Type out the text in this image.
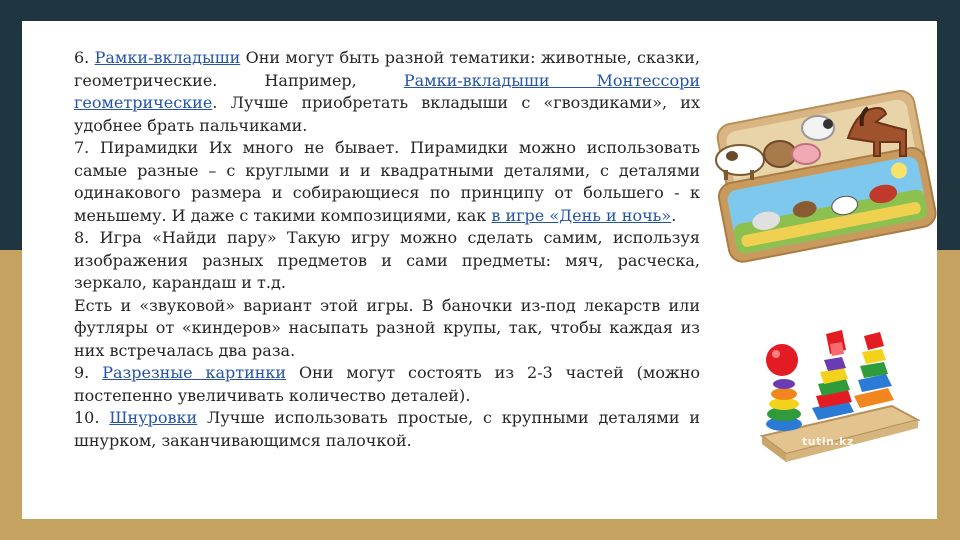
6. Рамки-вкладыши Они могут быть разной тематики: животные, сказки, геометрические. Например, Рамки-вкладыши Монтессори геометрические. Лучше приобретать вкладыши с «гвоздиками», их удобнее брать пальчиками.

7. Пирамидки Их много не бывает. Пирамидки можно использовать самые разные – с круглыми и и квадратными деталями, с деталями одинакового размера и собирающиеся по принципу от большего - к меньшему. И даже с такими композициями, как в игре «День и ночь».

8. Игра «Найди пару» Такую игру можно сделать самим, используя изображения разных предметов и сами предметы: мяч, расческа, зеркало, карандаш и т.д.

Есть и «звуковой» вариант этой игры. В баночки из-под лекарств или футляры от «киндеров» насыпать разной крупы, так, чтобы каждая из них встречалась два раза.

9. Разрезные картинки Они могут состоять из 2-3 частей (можно постепенно увеличивать количество деталей).

10. Шнуровки Лучше использовать простые, с крупными деталями и шнурком, заканчивающимся палочкой.	tutin.kz
